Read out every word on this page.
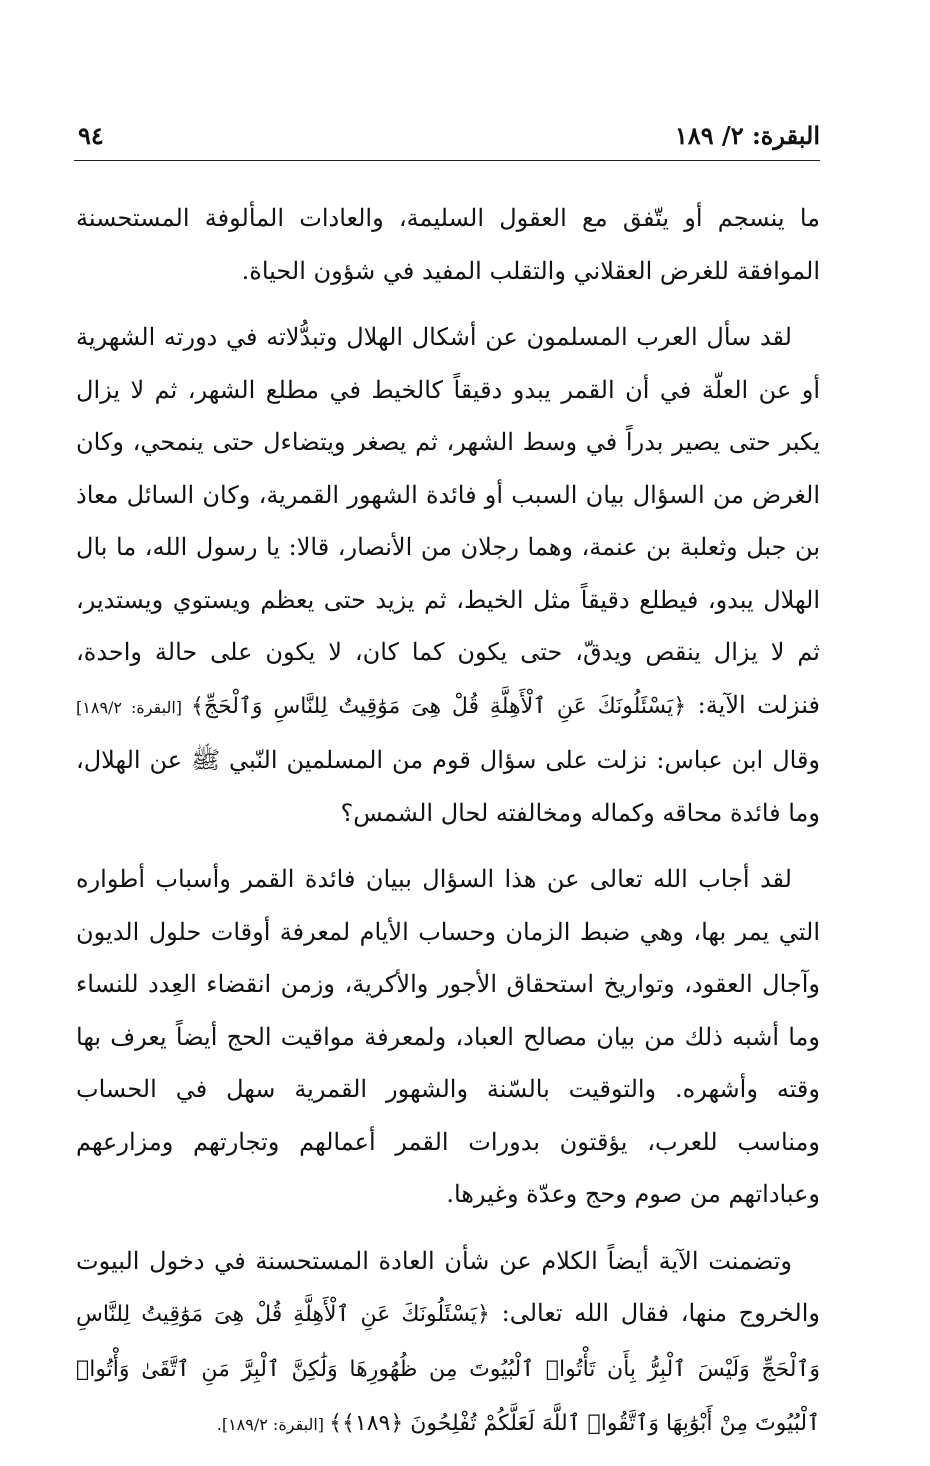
البقرة: ٢/ ١٨٩
٩٤

ما ينسجم أو يتّفق مع العقول السليمة، والعادات المألوفة المستحسنة الموافقة للغرض العقلاني والتقلب المفيد في شؤون الحياة.

لقد سأل العرب المسلمون عن أشكال الهلال وتبدُّلاته في دورته الشهرية أو عن العلّة في أن القمر يبدو دقيقاً كالخيط في مطلع الشهر، ثم لا يزال يكبر حتى يصير بدراً في وسط الشهر، ثم يصغر ويتضاءل حتى ينمحي، وكان الغرض من السؤال بيان السبب أو فائدة الشهور القمرية، وكان السائل معاذ بن جبل وثعلبة بن عنمة، وهما رجلان من الأنصار، قالا: يا رسول الله، ما بال الهلال يبدو، فيطلع دقيقاً مثل الخيط، ثم يزيد حتى يعظم ويستوي ويستدير، ثم لا يزال ينقص ويدقّ، حتى يكون كما كان، لا يكون على حالة واحدة، فنزلت الآية: ﴿يَسْئَلُونَكَ عَنِ ٱلْأَهِلَّةِ قُلْ هِىَ مَوَٰقِيتُ لِلنَّاسِ وَٱلْحَجِّ﴾ [البقرة: ١٨٩/٢] وقال ابن عباس: نزلت على سؤال قوم من المسلمين النّبي ﷺ عن الهلال، وما فائدة محاقه وكماله ومخالفته لحال الشمس؟

لقد أجاب الله تعالى عن هذا السؤال ببيان فائدة القمر وأسباب أطواره التي يمر بها، وهي ضبط الزمان وحساب الأيام لمعرفة أوقات حلول الديون وآجال العقود، وتواريخ استحقاق الأجور والأكرية، وزمن انقضاء العِدد للنساء وما أشبه ذلك من بيان مصالح العباد، ولمعرفة مواقيت الحج أيضاً يعرف بها وقته وأشهره. والتوقيت بالسّنة والشهور القمرية سهل في الحساب ومناسب للعرب، يؤقتون بدورات القمر أعمالهم وتجارتهم ومزارعهم وعباداتهم من صوم وحج وعدّة وغيرها.

وتضمنت الآية أيضاً الكلام عن شأن العادة المستحسنة في دخول البيوت والخروج منها، فقال الله تعالى: ﴿يَسْئَلُونَكَ عَنِ ٱلْأَهِلَّةِ قُلْ هِىَ مَوَٰقِيتُ لِلنَّاسِ وَٱلْحَجِّ وَلَيْسَ ٱلْبِرُّ بِأَن تَأْتُوا۟ ٱلْبُيُوتَ مِن ظُهُورِهَا وَلَٰكِنَّ ٱلْبِرَّ مَنِ ٱتَّقَىٰ وَأْتُوا۟ ٱلْبُيُوتَ مِنْ أَبْوَٰبِهَا وَٱتَّقُوا۟ ٱللَّهَ لَعَلَّكُمْ تُفْلِحُونَ ﴿١٨٩﴾﴾ [البقرة: ١٨٩/٢].
